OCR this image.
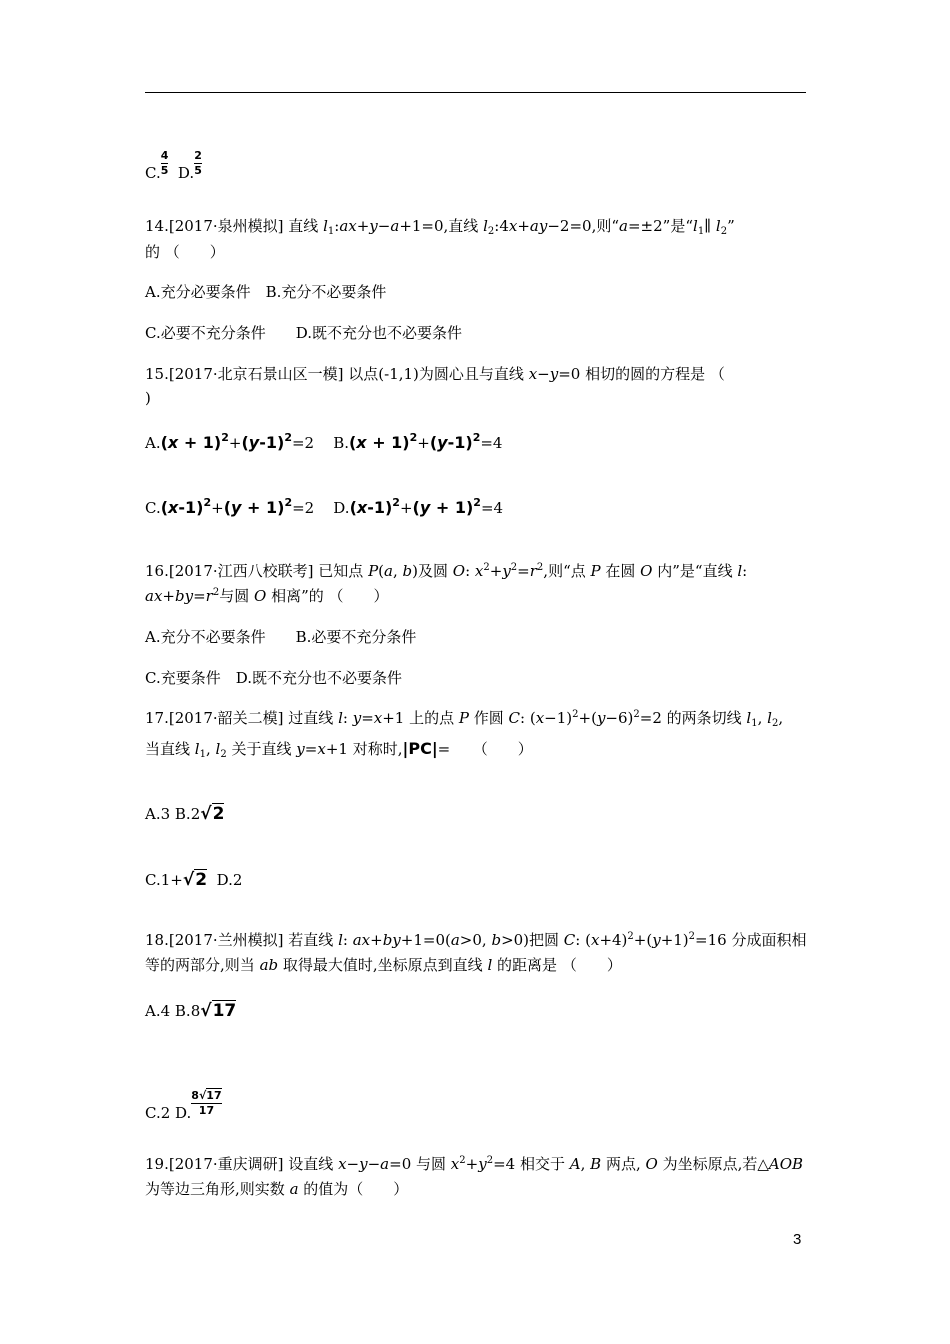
C. $\frac{4}{5} D$. $\frac{2}{5}$
14.[2017·泉州模拟] 直线 $l_1:ax+y-a+1=0$,直线 $l_2:4x+ay-2=0$,则“a=±2”是“$l_1\parallel$ $l_2$”
的 （　　）
A.充分必要条件　B.充分不必要条件
C.必要不充分条件　　D.既不充分也不必要条件
15.[2017·北京石景山区一模] 以点(-1,1)为圆心且与直线 x−y=0 相切的圆的方程是 （
)
$A.(x + 1)^2+(y-1)^2=2$ $B.(x + 1)^2+(y-1)^2=4$
$C.(x-1)^2+(y + 1)^2=2$ $D.(x-1)^2+(y + 1)^2=4$
16.[2017·江西八校联考] 已知点 P(a, b)及圆 O: $x^2+y^2=r^2$,则“点 P 在圆 O 内”是“直线 l:
$ax+by=r^2$与圆 O 相离”的 （　　）
A.充分不必要条件　　B.必要不充分条件
C.充要条件　D.既不充分也不必要条件
17.[2017·韶关二模] 过直线 l: y=x+1 上的点 P 作圆 C: $(x-1)^2+(y-6)^2=2$ 的两条切线 $l_1$, $l_2$,
当直线 $l_1$, $l_2$ 关于直线 y=x+1 对称时,|PC|=　　（　　）
A.3 B.2√2
C.1+√2 D.2
18.[2017·兰州模拟] 若直线 l: ax+by+1=0(a>0, b>0)把圆 C: $(x+4)^2+(y+1)^2=16$ 分成面积相
等的两部分,则当 ab 取得最大值时,坐标原点到直线 l 的距离是 （　　）
A.4 B.8√17
C.2 D. $\frac{8√17}{17}$
19.[2017·重庆调研] 设直线 x−y−a=0 与圆 $x^2+y^2=4$ 相交于 A, B 两点, O 为坐标原点,若△AOB
为等边三角形,则实数 a 的值为（　　）
3
